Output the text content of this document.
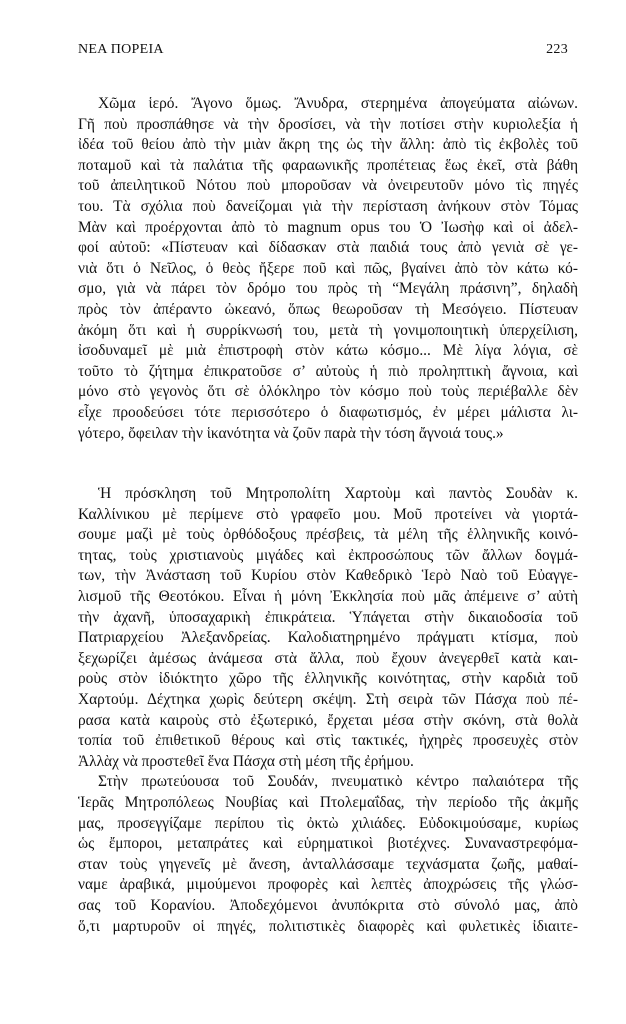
ΝΕΑ ΠΟΡΕΙΑ	223
Χῶμα ἱερό. Ἄγονο ὅμως. Ἄνυδρα, στερημένα ἀπογεύματα αἰώνων.
Γῆ ποὺ προσπάθησε νὰ τὴν δροσίσει, νὰ τὴν ποτίσει στὴν κυριολεξία ἡ
ἰδέα τοῦ θείου ἀπὸ τὴν μιὰν ἄκρη της ὡς τὴν ἄλλη: ἀπὸ τὶς ἐκβολὲς τοῦ
ποταμοῦ καὶ τὰ παλάτια τῆς φαραωνικῆς προπέτειας ἕως ἐκεῖ, στὰ βάθη
τοῦ ἀπειλητικοῦ Νότου ποὺ μποροῦσαν νὰ ὀνειρευτοῦν μόνο τὶς πηγές
του. Τὰ σχόλια ποὺ δανείζομαι γιὰ τὴν περίσταση ἀνήκουν στὸν Τόμας
Μὰν καὶ προέρχονται ἀπὸ τὸ magnum opus του Ὁ Ἰωσὴφ καὶ οἱ ἀδελ-
φοί αὐτοῦ: «Πίστευαν καὶ δίδασκαν στὰ παιδιά τους ἀπὸ γενιὰ σὲ γε-
νιὰ ὅτι ὁ Νεῖλος, ὁ θεὸς ἤξερε ποῦ καὶ πῶς, βγαίνει ἀπὸ τὸν κάτω κό-
σμο, γιὰ νὰ πάρει τὸν δρόμο του πρὸς τὴ “Μεγάλη πράσινη”, δηλαδὴ
πρὸς τὸν ἀπέραντο ὠκεανό, ὅπως θεωροῦσαν τὴ Μεσόγειο. Πίστευαν
ἀκόμη ὅτι καὶ ἡ συρρίκνωσή του, μετὰ τὴ γονιμοποιητικὴ ὑπερχείλιση,
ἰσοδυναμεῖ μὲ μιὰ ἐπιστροφὴ στὸν κάτω κόσμο... Μὲ λίγα λόγια, σὲ
τοῦτο τὸ ζήτημα ἐπικρατοῦσε σ’ αὐτοὺς ἡ πιὸ προληπτικὴ ἄγνοια, καὶ
μόνο στὸ γεγονὸς ὅτι σὲ ὁλόκληρο τὸν κόσμο ποὺ τοὺς περιέβαλλε δὲν
εἶχε προοδεύσει τότε περισσότερο ὁ διαφωτισμός, ἐν μέρει μάλιστα λι-
γότερο, ὄφειλαν τὴν ἱκανότητα νὰ ζοῦν παρὰ τὴν τόση ἄγνοιά τους.»
Ἡ πρόσκληση τοῦ Μητροπολίτη Χαρτοὺμ καὶ παντὸς Σουδὰν κ.
Καλλίνικου μὲ περίμενε στὸ γραφεῖο μου. Μοῦ προτείνει νὰ γιορτά-
σουμε μαζὶ μὲ τοὺς ὀρθόδοξους πρέσβεις, τὰ μέλη τῆς ἑλληνικῆς κοινό-
τητας, τοὺς χριστιανοὺς μιγάδες καὶ ἐκπροσώπους τῶν ἄλλων δογμά-
των, τὴν Ἀνάσταση τοῦ Κυρίου στὸν Καθεδρικὸ Ἱερὸ Ναὸ τοῦ Εὐαγγε-
λισμοῦ τῆς Θεοτόκου. Εἶναι ἡ μόνη Ἐκκλησία ποὺ μᾶς ἀπέμεινε σ’ αὐτὴ
τὴν ἀχανῆ, ὑποσαχαρικὴ ἐπικράτεια. Ὑπάγεται στὴν δικαιοδοσία τοῦ
Πατριαρχείου Ἀλεξανδρείας. Καλοδιατηρημένο πράγματι κτίσμα, ποὺ
ξεχωρίζει ἀμέσως ἀνάμεσα στὰ ἄλλα, ποὺ ἔχουν ἀνεγερθεῖ κατὰ και-
ροὺς στὸν ἰδιόκτητο χῶρο τῆς ἑλληνικῆς κοινότητας, στὴν καρδιὰ τοῦ
Χαρτούμ. Δέχτηκα χωρὶς δεύτερη σκέψη. Στὴ σειρὰ τῶν Πάσχα ποὺ πέ-
ρασα κατὰ καιροὺς στὸ ἐξωτερικό, ἔρχεται μέσα στὴν σκόνη, στὰ θολὰ
τοπία τοῦ ἐπιθετικοῦ θέρους καὶ στὶς τακτικές, ἠχηρὲς προσευχὲς στὸν
Ἀλλὰχ νὰ προστεθεῖ ἕνα Πάσχα στὴ μέση τῆς ἐρήμου.
Στὴν πρωτεύουσα τοῦ Σουδάν, πνευματικὸ κέντρο παλαιότερα τῆς
Ἱερᾶς Μητροπόλεως Νουβίας καὶ Πτολεμαΐδας, τὴν περίοδο τῆς ἀκμῆς
μας, προσεγγίζαμε περίπου τὶς ὀκτὼ χιλιάδες. Εὐδοκιμούσαμε, κυρίως
ὡς ἔμποροι, μεταπράτες καὶ εὑρηματικοὶ βιοτέχνες. Συναναστρεφόμα-
σταν τοὺς γηγενεῖς μὲ ἄνεση, ἀνταλλάσσαμε τεχνάσματα ζωῆς, μαθαί-
ναμε ἀραβικά, μιμούμενοι προφορὲς καὶ λεπτὲς ἀποχρώσεις τῆς γλώσ-
σας τοῦ Κορανίου. Ἀποδεχόμενοι ἀνυπόκριτα στὸ σύνολό μας, ἀπὸ
ὅ,τι μαρτυροῦν οἱ πηγές, πολιτιστικὲς διαφορὲς καὶ φυλετικὲς ἰδιαιτε-
